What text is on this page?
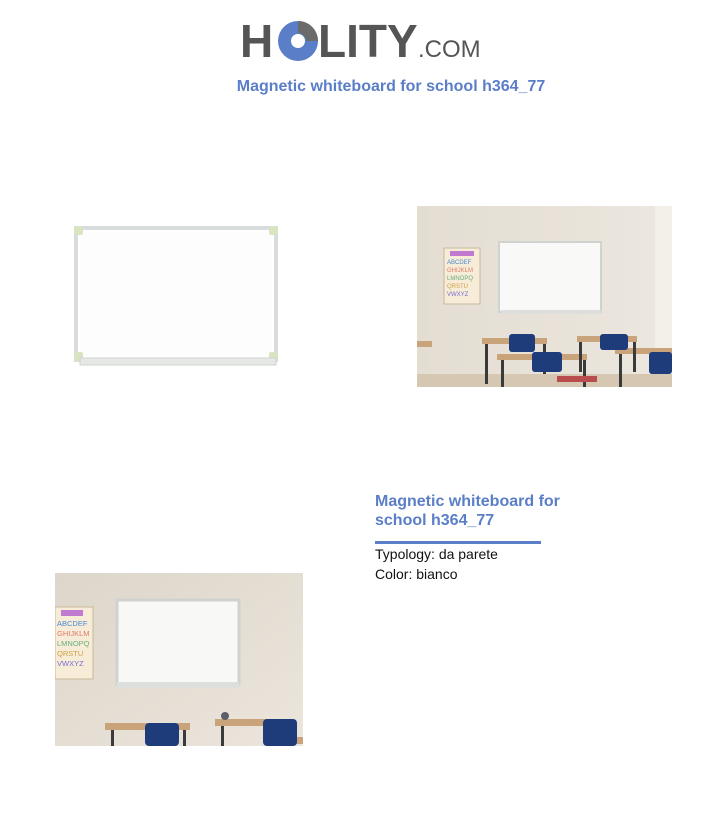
H LITY .COM
Magnetic whiteboard for school h364_77
ABCDEF
GHIJKLM
LMNOPQ
QRSTU
VWXYZ
ABCDEF
GHIJKLM
LMNOPQ
QRSTU
VWXYZ
Magnetic whiteboard for school h364_77
Typology: da parete
Color: bianco
